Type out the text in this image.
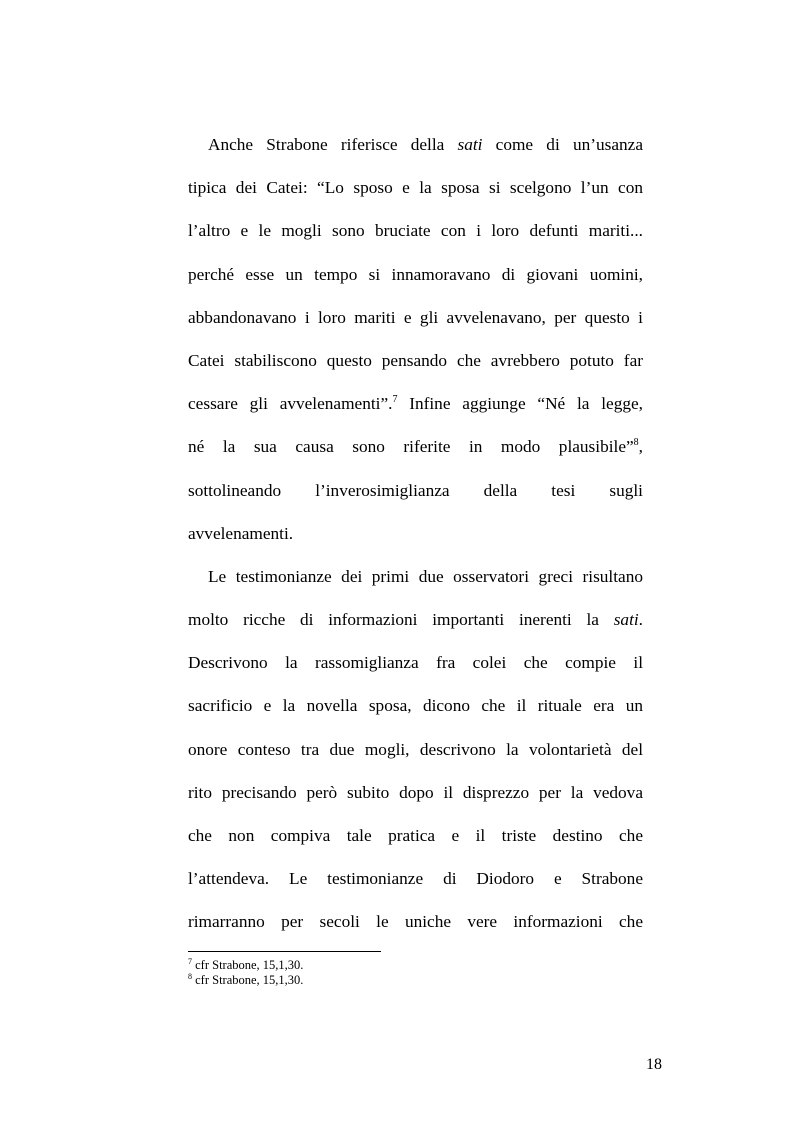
Anche Strabone riferisce della sati come di un’usanza
tipica dei Catei: “Lo sposo e la sposa si scelgono l’un con
l’altro e le mogli sono bruciate con i loro defunti mariti...
perché esse un tempo si innamoravano di giovani uomini,
abbandonavano i loro mariti e gli avvelenavano, per questo i
Catei stabiliscono questo pensando che avrebbero potuto far
cessare gli avvelenamenti”.$^7$ Infine aggiunge “Né la legge,
né la sua causa sono riferite in modo plausibile”$^8$,
sottolineando l’inverosimiglianza della tesi sugli
avvelenamenti.
Le testimonianze dei primi due osservatori greci risultano
molto ricche di informazioni importanti inerenti la sati.
Descrivono la rassomiglianza fra colei che compie il
sacrificio e la novella sposa, dicono che il rituale era un
onore conteso tra due mogli, descrivono la volontarietà del
rito precisando però subito dopo il disprezzo per la vedova
che non compiva tale pratica e il triste destino che
l’attendeva. Le testimonianze di Diodoro e Strabone
rimarranno per secoli le uniche vere informazioni che
$^7$ cfr Strabone, 15,1,30.
$^8$ cfr Strabone, 15,1,30.
18
